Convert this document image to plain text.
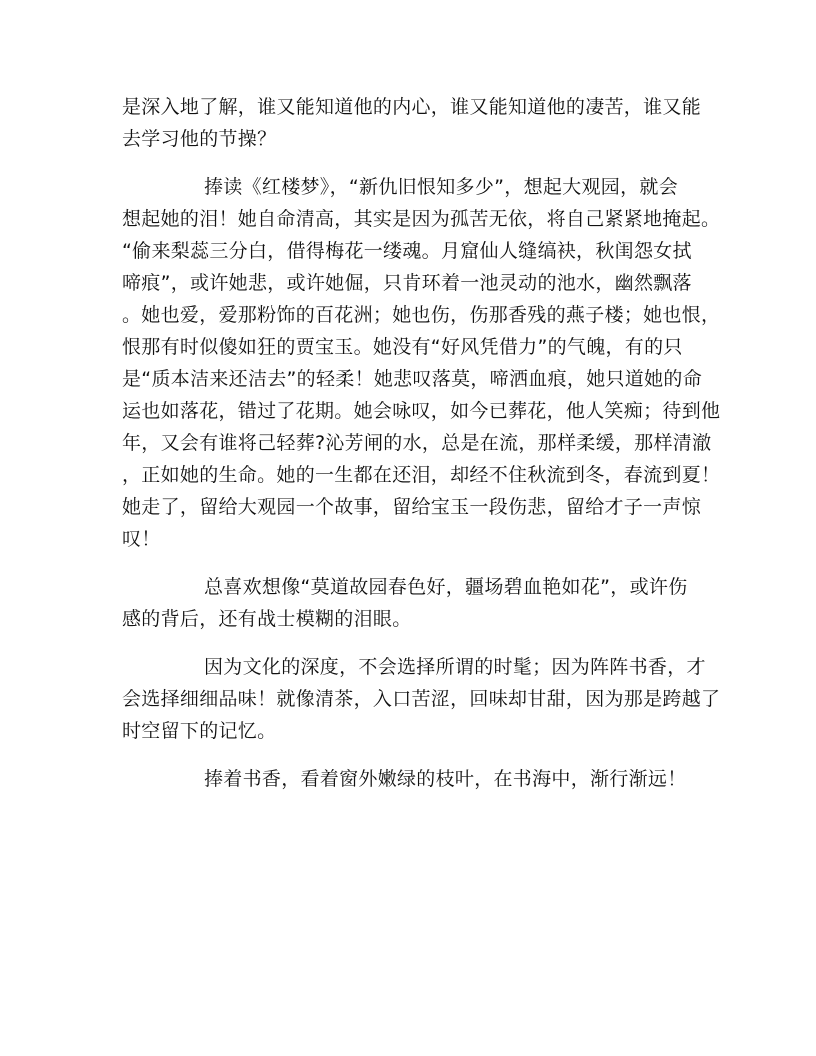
是深入地了解，谁又能知道他的内心，谁又能知道他的凄苦，谁又能
去学习他的节操？
捧读《红楼梦》，“新仇旧恨知多少”，想起大观园，就会
想起她的泪！她自命清高，其实是因为孤苦无依，将自己紧紧地掩起。
“偷来梨蕊三分白，借得梅花一缕魂。月窟仙人缝缟袂，秋闺怨女拭
啼痕”，或许她悲，或许她倔，只肯环着一池灵动的池水，幽然飘落
。她也爱，爱那粉饰的百花洲；她也伤，伤那香残的燕子楼；她也恨，
恨那有时似傻如狂的贾宝玉。她没有“好风凭借力”的气魄，有的只
是“质本洁来还洁去”的轻柔！她悲叹落莫，啼洒血痕，她只道她的命
运也如落花，错过了花期。她会咏叹，如今已葬花，他人笑痴；待到他
年，又会有谁将己轻葬?沁芳闸的水，总是在流，那样柔缓，那样清澈
，正如她的生命。她的一生都在还泪，却经不住秋流到冬，春流到夏！
她走了，留给大观园一个故事，留给宝玉一段伤悲，留给才子一声惊
叹！
总喜欢想像“莫道故园春色好，疆场碧血艳如花”，或许伤
感的背后，还有战士模糊的泪眼。
因为文化的深度，不会选择所谓的时髦；因为阵阵书香，才
会选择细细品味！就像清茶，入口苦涩，回味却甘甜，因为那是跨越了
时空留下的记忆。
捧着书香，看着窗外嫩绿的枝叶，在书海中，渐行渐远！
